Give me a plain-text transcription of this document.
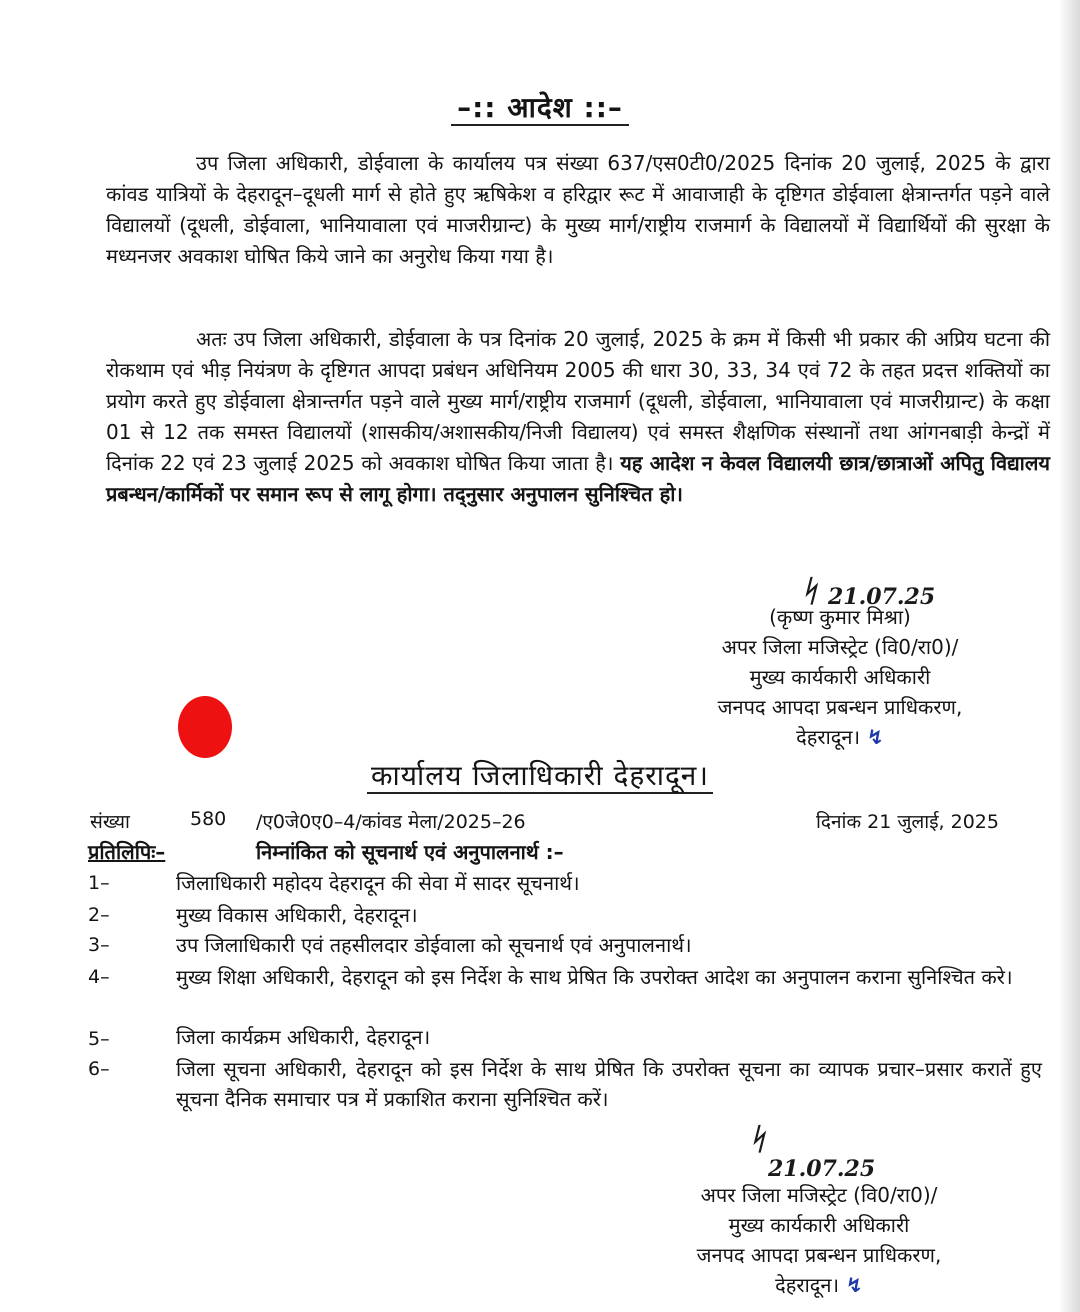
–:: आदेश ::–
उप जिला अधिकारी, डोईवाला के कार्यालय पत्र संख्या 637/एस0टी0/2025 दिनांक 20 जुलाई, 2025 के द्वारा कांवड यात्रियों के देहरादून–दूधली मार्ग से होते हुए ऋषिकेश व हरिद्वार रूट में आवाजाही के दृष्टिगत डोईवाला क्षेत्रान्तर्गत पड़ने वाले विद्यालयों (दूधली, डोईवाला, भानियावाला एवं माजरीग्रान्ट) के मुख्य मार्ग/राष्ट्रीय राजमार्ग के विद्यालयों में विद्यार्थियों की सुरक्षा के मध्यनजर अवकाश घोषित किये जाने का अनुरोध किया गया है।
अतः उप जिला अधिकारी, डोईवाला के पत्र दिनांक 20 जुलाई, 2025 के क्रम में किसी भी प्रकार की अप्रिय घटना की रोकथाम एवं भीड़ नियंत्रण के दृष्टिगत आपदा प्रबंधन अधिनियम 2005 की धारा 30, 33, 34 एवं 72 के तहत प्रदत्त शक्तियों का प्रयोग करते हुए डोईवाला क्षेत्रान्तर्गत पड़ने वाले मुख्य मार्ग/राष्ट्रीय राजमार्ग (दूधली, डोईवाला, भानियावाला एवं माजरीग्रान्ट) के कक्षा 01 से 12 तक समस्त विद्यालयों (शासकीय/अशासकीय/निजी विद्यालय) एवं समस्त शैक्षणिक संस्थानों तथा आंगनबाड़ी केन्द्रों में दिनांक 22 एवं 23 जुलाई 2025 को अवकाश घोषित किया जाता है। यह आदेश न केवल विद्यालयी छात्र/छात्राओं अपितु विद्यालय प्रबन्धन/कार्मिकों पर समान रूप से लागू होगा। तद्नुसार अनुपालन सुनिश्चित हो।
ᛋ 21.07.25
(कृष्ण कुमार मिश्रा)
अपर जिला मजिस्ट्रेट (वि0/रा0)/
मुख्य कार्यकारी अधिकारी
जनपद आपदा प्रबन्धन प्राधिकरण,
देहरादून। ↯
कार्यालय जिलाधिकारी देहरादून।
संख्या	580 /ए0जे0ए0–4/कांवड मेला/2025–26	दिनांक 21 जुलाई, 2025
प्रतिलिपिः–	निम्नांकित को सूचनार्थ एवं अनुपालनार्थ :–
1–	जिलाधिकारी महोदय देहरादून की सेवा में सादर सूचनार्थ।
2–	मुख्य विकास अधिकारी, देहरादून।
3–	उप जिलाधिकारी एवं तहसीलदार डोईवाला को सूचनार्थ एवं अनुपालनार्थ।
4–	मुख्य शिक्षा अधिकारी, देहरादून को इस निर्देश के साथ प्रेषित कि उपरोक्त आदेश का अनुपालन कराना सुनिश्चित करे।
5–	जिला कार्यक्रम अधिकारी, देहरादून।
6–	जिला सूचना अधिकारी, देहरादून को इस निर्देश के साथ प्रेषित कि उपरोक्त सूचना का व्यापक प्रचार–प्रसार करातें हुए सूचना दैनिक समाचार पत्र में प्रकाशित कराना सुनिश्चित करें।
ᛋ
21.07.25
अपर जिला मजिस्ट्रेट (वि0/रा0)/
मुख्य कार्यकारी अधिकारी
जनपद आपदा प्रबन्धन प्राधिकरण,
देहरादून। ↯
